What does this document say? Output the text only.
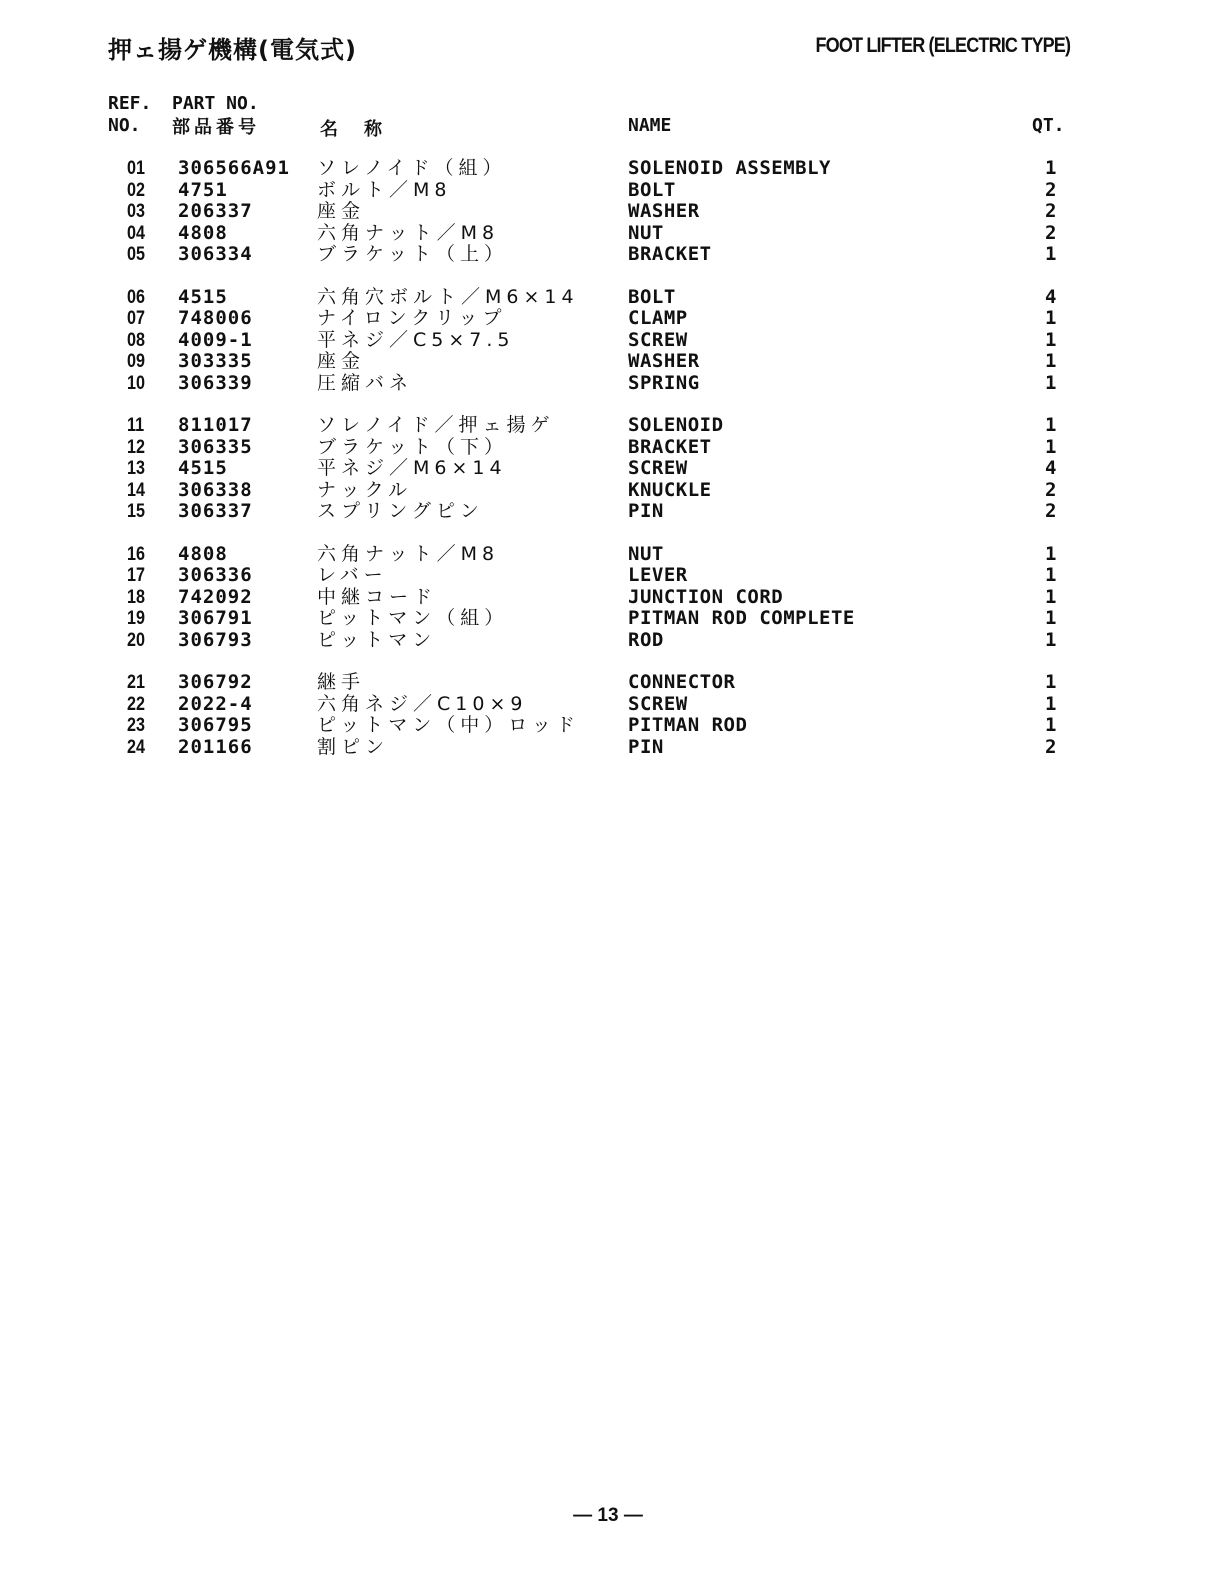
押ェ揚ゲ機構(電気式)	FOOT LIFTER (ELECTRIC TYPE)
REF.
NO.
PART NO.
部品番号	名　称	NAME	QT.
01 306566A91 ソレノイド（組）	SOLENOID ASSEMBLY	1
02 4751	ボルト／M8	BOLT	2
03 206337	座金	WASHER	2
04 4808	六角ナット／M8	NUT	2
05 306334	ブラケット（上）	BRACKET	1
06 4515	六角穴ボルト／M6×14	BOLT	4
07 748006	ナイロンクリップ	CLAMP	1
08 4009-1	平ネジ／C5×7.5	SCREW	1
09 303335	座金	WASHER	1
10 306339	圧縮バネ	SPRING	1
11 811017	ソレノイド／押ェ揚ゲ	SOLENOID	1
12 306335	ブラケット（下）	BRACKET	1
13 4515	平ネジ／M6×14	SCREW	4
14 306338	ナックル	KNUCKLE	2
15 306337	スプリングピン	PIN	2
16 4808	六角ナット／M8	NUT	1
17 306336	レバー	LEVER	1
18 742092	中継コード	JUNCTION CORD	1
19 306791	ピットマン（組）	PITMAN ROD COMPLETE	1
20 306793	ピットマン	ROD	1
21 306792	継手	CONNECTOR	1
22 2022-4	六角ネジ／C10×9	SCREW	1
23 306795	ピットマン（中）ロッド	PITMAN ROD	1
24 201166	割ピン	PIN	2
— 13 —
